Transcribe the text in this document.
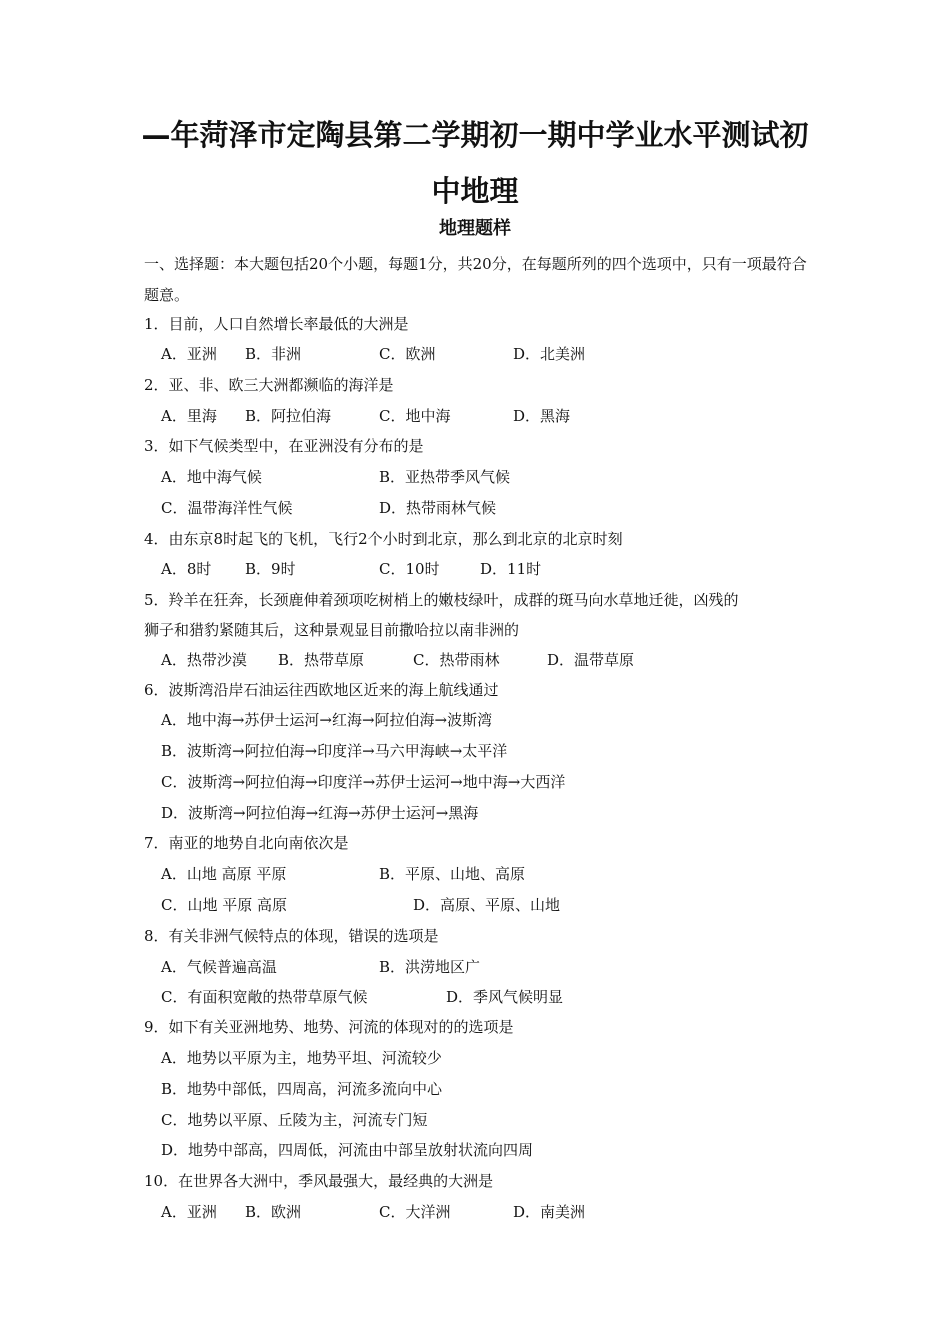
—年菏泽市定陶县第二学期初一期中学业水平测试初
中地理
地理题样
一、选择题：本大题包括20个小题，每题1分，共20分，在每题所列的四个选项中，只有一项最符合题意。
1．目前，人口自然增长率最低的大洲是
A．亚洲 B．非洲	C．欧洲	D．北美洲
2．亚、非、欧三大洲都濒临的海洋是
A．里海 B．阿拉伯海	C．地中海	D．黑海
3．如下气候类型中，在亚洲没有分布的是
A．地中海气候	B．亚热带季风气候
C．温带海洋性气候	D．热带雨林气候
4．由东京8时起飞的飞机，飞行2个小时到北京，那么到北京的北京时刻
A．8时 B．9时	C．10时	D．11时
5．羚羊在狂奔，长颈鹿伸着颈项吃树梢上的嫩枝绿叶，成群的斑马向水草地迁徙，凶残的
狮子和猎豹紧随其后，这种景观显目前撒哈拉以南非洲的
A．热带沙漠 B．热带草原	C．热带雨林	D．温带草原
6．波斯湾沿岸石油运往西欧地区近来的海上航线通过
A．地中海→苏伊士运河→红海→阿拉伯海→波斯湾
B．波斯湾→阿拉伯海→印度洋→马六甲海峡→太平洋
C．波斯湾→阿拉伯海→印度洋→苏伊士运河→地中海→大西洋
D．波斯湾→阿拉伯海→红海→苏伊士运河→黑海
7．南亚的地势自北向南依次是
A．山地 高原 平原	B．平原、山地、高原
C．山地 平原 高原	D．高原、平原、山地
8．有关非洲气候特点的体现，错误的选项是
A．气候普遍高温	B．洪涝地区广
C．有面积宽敞的热带草原气候	D．季风气候明显
9．如下有关亚洲地势、地势、河流的体现对的的选项是
A．地势以平原为主，地势平坦、河流较少
B．地势中部低，四周高，河流多流向中心
C．地势以平原、丘陵为主，河流专门短
D．地势中部高，四周低，河流由中部呈放射状流向四周
10．在世界各大洲中，季风最强大，最经典的大洲是
A．亚洲 B．欧洲	C．大洋洲	D．南美洲
